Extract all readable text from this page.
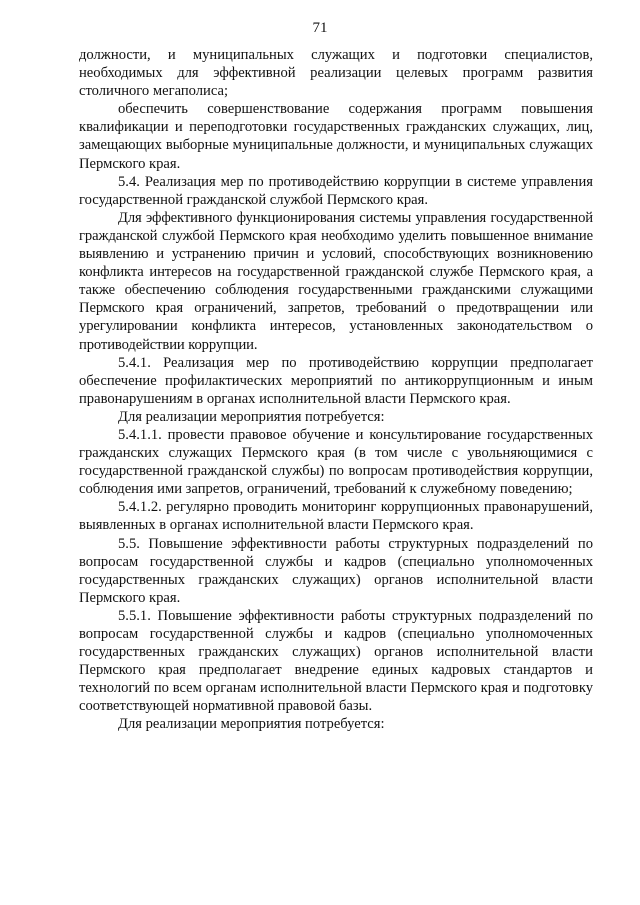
71

должности, и муниципальных служащих и подготовки специалистов, необходимых для эффективной реализации целевых программ развития столичного мегаполиса;

обеспечить совершенствование содержания программ повышения квалификации и переподготовки государственных гражданских служащих, лиц, замещающих выборные муниципальные должности, и муниципальных служащих Пермского края.

5.4. Реализация мер по противодействию коррупции в системе управления государственной гражданской службой Пермского края.

Для эффективного функционирования системы управления государственной гражданской службой Пермского края необходимо уделить повышенное внимание выявлению и устранению причин и условий, способствующих возникновению конфликта интересов на государственной гражданской службе Пермского края, а также обеспечению соблюдения государственными гражданскими служащими Пермского края ограничений, запретов, требований о предотвращении или урегулировании конфликта интересов, установленных законодательством о противодействии коррупции.

5.4.1. Реализация мер по противодействию коррупции предполагает обеспечение профилактических мероприятий по антикоррупционным и иным правонарушениям в органах исполнительной власти Пермского края.

Для реализации мероприятия потребуется:

5.4.1.1. провести правовое обучение и консультирование государственных гражданских служащих Пермского края (в том числе с увольняющимися с государственной гражданской службы) по вопросам противодействия коррупции, соблюдения ими запретов, ограничений, требований к служебному поведению;

5.4.1.2. регулярно проводить мониторинг коррупционных правонарушений, выявленных в органах исполнительной власти Пермского края.

5.5. Повышение эффективности работы структурных подразделений по вопросам государственной службы и кадров (специально уполномоченных государственных гражданских служащих) органов исполнительной власти Пермского края.

5.5.1. Повышение эффективности работы структурных подразделений по вопросам государственной службы и кадров (специально уполномоченных государственных гражданских служащих) органов исполнительной власти Пермского края предполагает внедрение единых кадровых стандартов и технологий по всем органам исполнительной власти Пермского края и подготовку соответствующей нормативной правовой базы.

Для реализации мероприятия потребуется:
